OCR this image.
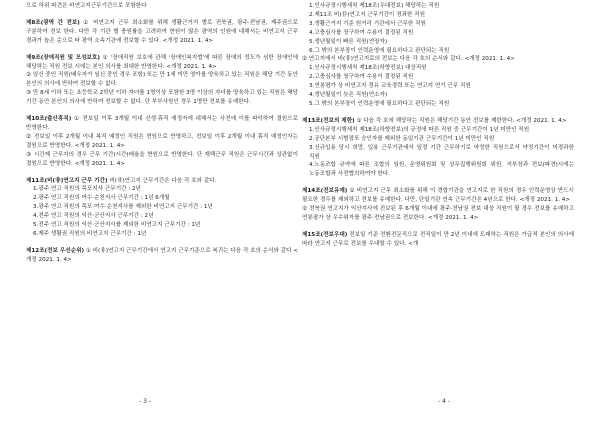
으로 하위 파견은 비연고지근무기간으로 포함한다

제8조(광역 간 전보) ① 비연고지 근무 최소화를 위해 생활근거지 별로 전북권, 광주·전남권, 제주권으로 구분하여 전보 한다. 다만 각 기관 별 충원률을 고려하여 현원이 많은 광역의 인원에 대해서는 비연고지 근무 경과가 높은 순으로 타 광역 소속기관에 전보할 수 있다. <개정 2021. 1. 4>

제9조(장애직원 및 모성보호) ① '장애직원 보호에 관해 '장애인복지법'에 따른 장애의 정도가 심한 장애인에 해당하는 직원 전보 시에는 본인 의사를 최대한 반영한다. <개정 2021. 1. 4>

② 임신 중인 직원(배우자가 임신 중인 경우 포함) 또는 만 1세 미만 영아를 양육하고 있는 직원은 해당 기간 동안 본인의 의사에 반하여 전보할 수 없다.

③ 만 8세 이하 또는 초등학교 2학년 이하 자녀를 1명이상 포함한 3명 이상의 자녀를 양육하고 있는 직원은 해당 기간 동안 본인의 의사에 반하여 전보할 수 없다. 단 부부사원인 경우 1명만 전보를 유예한다.

제10조(출산휴직) ① 전보일 이후 3개월 이내 신생·휴직 예정자에 대해서는 사전에 이를 파악하여 결원으로 반영한다.

② 전보일 이후 2개월 이내 복직 예정인 직원은 현원으로 반영하고, 전보일 이후 2개월 이내 휴직 예정인자는 결원으로 반영한다. <개정 2021. 1. 4>

③ 시간제 근무자의 경우 근무 기간(시간)배율을 현원으로 반영한다. 단 재택근무 직원은 근무시간과 상관없이 결원으로 반영한다. <개정 2021. 1. 4>

제11조(비(非)연고지 근무 기간) 비(非)연고지 근무기간은 다음 각 호와 같다.

1.광주 연고 직원의 목포지사 근무기간 : 2년

2.광주 연고 직원의 여수·순천지사 근무기간 : 1년 6개월

3.광주 연고 직원의 목포·여수·순천지사를 제외한 비연고지 근무기간 : 1년

4.전주 연고 직원의 익산·군산지사 근무기간 : 2년

5.전주 연고 직원의 익산·군산지사를 제외한 비연고지 근무기간 : 1년

6.제주 생활권 직원의 비연고지 근무기간 : 1년

제12조(전보 우선순위) ① 비(非)연고지 근무기간에서 연고지 근무기준으로 복귀는 다음 각 호의 순서와 같다 <개정 2021. 1. 4>

1.인사규정시행세칙 제18조(우대전보) 해당하는 직원

2.제11조 비(非)연고지 근무기간이 경과한 직원

3.생활근거지 기준 원거리 기관에서 근무한 직원

4.고충심사를 청구하여 수용이 결정된 직원

5.생년월일이 빠른 직원(연장자)

6.그 밖의 본부장이 인력운영에 필요하다고 판단되는 직원

② 연고지에서 비(非)연고지로의 전보는 다음 각 호의 순서와 같다. <개정 2021. 1. 4>

1.인사규정시행세칙 제18조(하향전보) 대상직원

2.고충심사를 청구하여 수용이 결정된 직원

3.연봉평가 상 비연고지 경유 교육경력 또는 연고지 연기 근무 직원

4.생년월일이 늦은 직원(연소자)

5.그 밖의 본부장이 인력운영에 필요하다고 판단되는 직원

제13조(전보의 제한) ① 다음 각 호에 해당하는 직원은 해당기간 동안 전보를 제한한다. <개정 2021. 1. 4>

1.인사규정시행세칙 제18조(하향전보)의 규정에 따른 직원 중 근무기간이 1년 미만인 직원

2.공단본부 시범점포 승인자를 제외한 동일기관 근무기간이 1년 미만인 직원

3.신규입용 당시 희망, 입용 근무기관에서 일정 기간 근무하기로 약정한 직원으로서 약정기간이 미경과한 직원

4.노동조합 규약에 따른 조합의 임원, 운영위원회 및 상무집행위원회 위원, 지부장과 전보(파견)시에는 노동조합과 사전협의하여야 한다.

제14조(전보유예) ① 비연고지 근무 최소화를 위해 이 경합기관을 연고지로 한 직원의 경우 인력운영상 반드시 필요한 경우를 제외하고 전보를 유예한다. 다만, 단일기관 연속 근무기간은 4년으로 한다. <개정 2021. 1. 4>

② 전북권 연고지가 익산지사에 전보된 후 6개월 이내에 광주·전남권 전보 대상 직원이 될 경우 전보를 유예하고 연봉평가 상 우수위자를 광주·전남권으로 전보한다. <개정 2021. 1. 4>

제15조(전보우대) 전보일 기준 전환전문직으로 전직일이 만 2년 이내에 도래하는 직원은 가급적 본인의 의사에 따라 연고지 근무로 전보를 우대할 수 있다. <개

- 3 -	- 4 -
